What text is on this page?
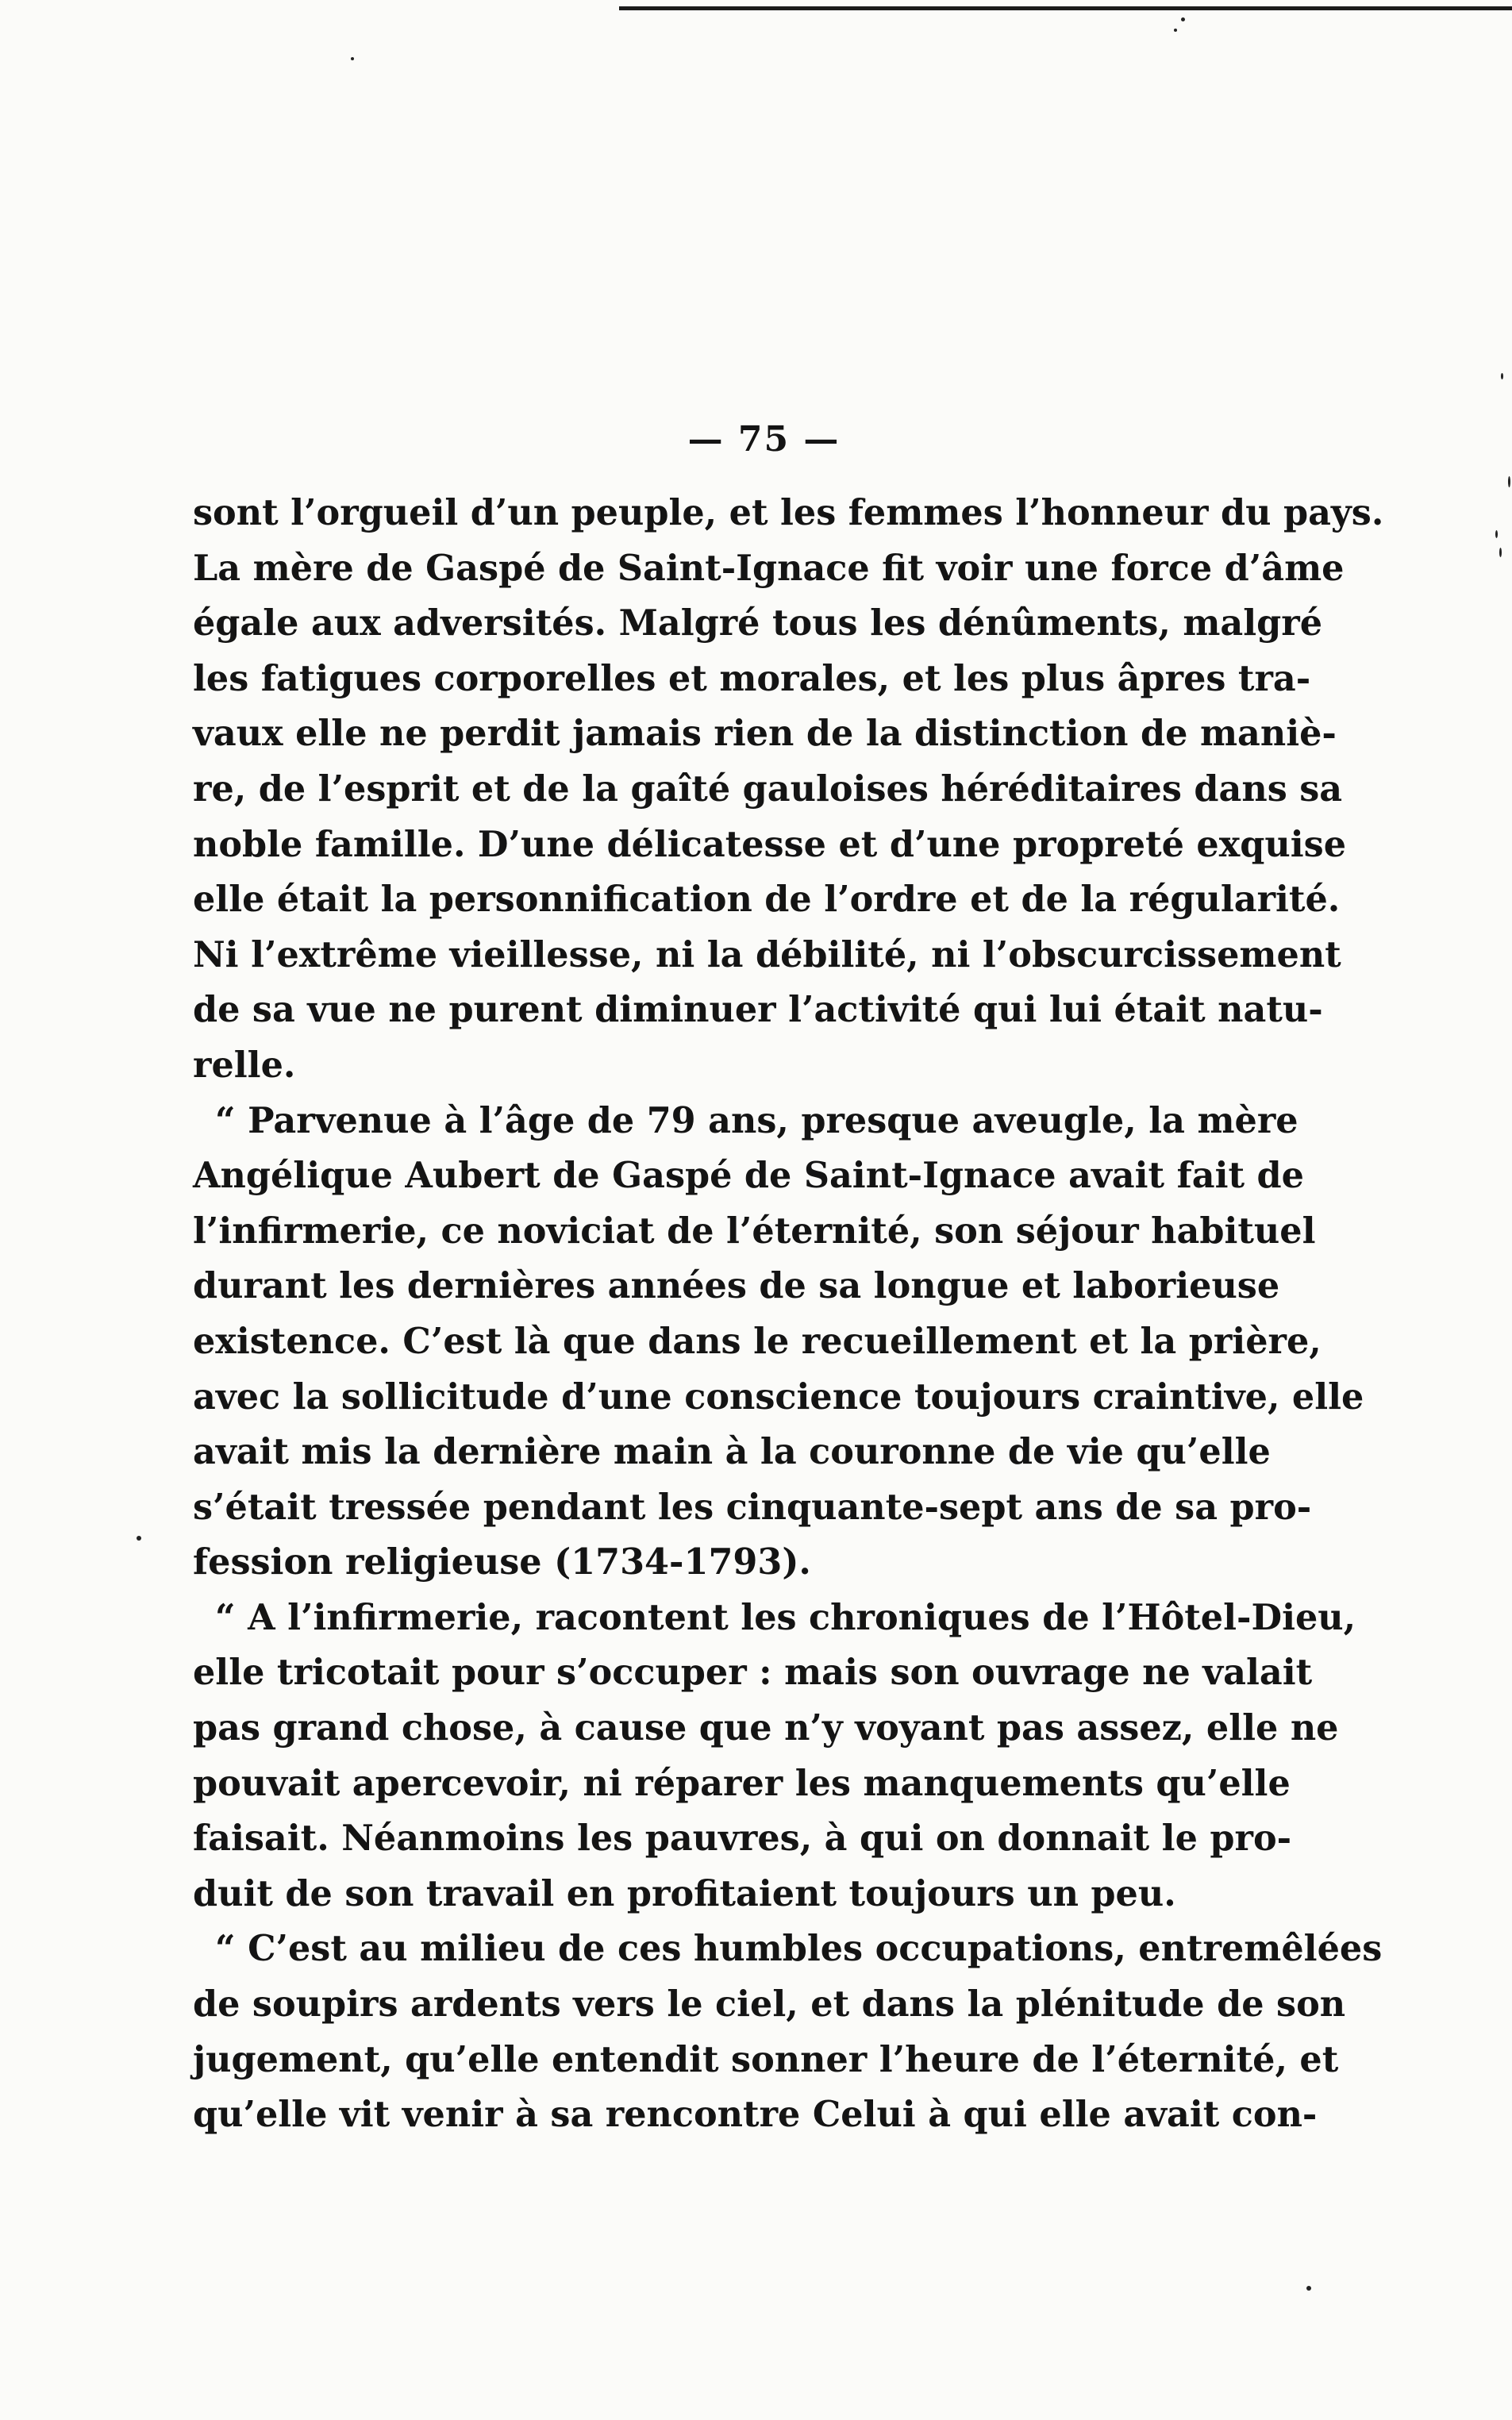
— 75 —
sont l’orgueil d’un peuple, et les femmes l’honneur du pays.
La mère de Gaspé de Saint-Ignace fit voir une force d’âme
égale aux adversités. Malgré tous les dénûments, malgré
les fatigues corporelles et morales, et les plus âpres tra-
vaux elle ne perdit jamais rien de la distinction de maniè-
re, de l’esprit et de la gaîté gauloises héréditaires dans sa
noble famille. D’une délicatesse et d’une propreté exquise
elle était la personnification de l’ordre et de la régularité.
Ni l’extrême vieillesse, ni la débilité, ni l’obscurcissement
de sa vue ne purent diminuer l’activité qui lui était natu-
relle.
“ Parvenue à l’âge de 79 ans, presque aveugle, la mère
Angélique Aubert de Gaspé de Saint-Ignace avait fait de
l’infirmerie, ce noviciat de l’éternité, son séjour habituel
durant les dernières années de sa longue et laborieuse
existence. C’est là que dans le recueillement et la prière,
avec la sollicitude d’une conscience toujours craintive, elle
avait mis la dernière main à la couronne de vie qu’elle
s’était tressée pendant les cinquante-sept ans de sa pro-
fession religieuse (1734-1793).
“ A l’infirmerie, racontent les chroniques de l’Hôtel-Dieu,
elle tricotait pour s’occuper : mais son ouvrage ne valait
pas grand chose, à cause que n’y voyant pas assez, elle ne
pouvait apercevoir, ni réparer les manquements qu’elle
faisait. Néanmoins les pauvres, à qui on donnait le pro-
duit de son travail en profitaient toujours un peu.
“ C’est au milieu de ces humbles occupations, entremêlées
de soupirs ardents vers le ciel, et dans la plénitude de son
jugement, qu’elle entendit sonner l’heure de l’éternité, et
qu’elle vit venir à sa rencontre Celui à qui elle avait con-
